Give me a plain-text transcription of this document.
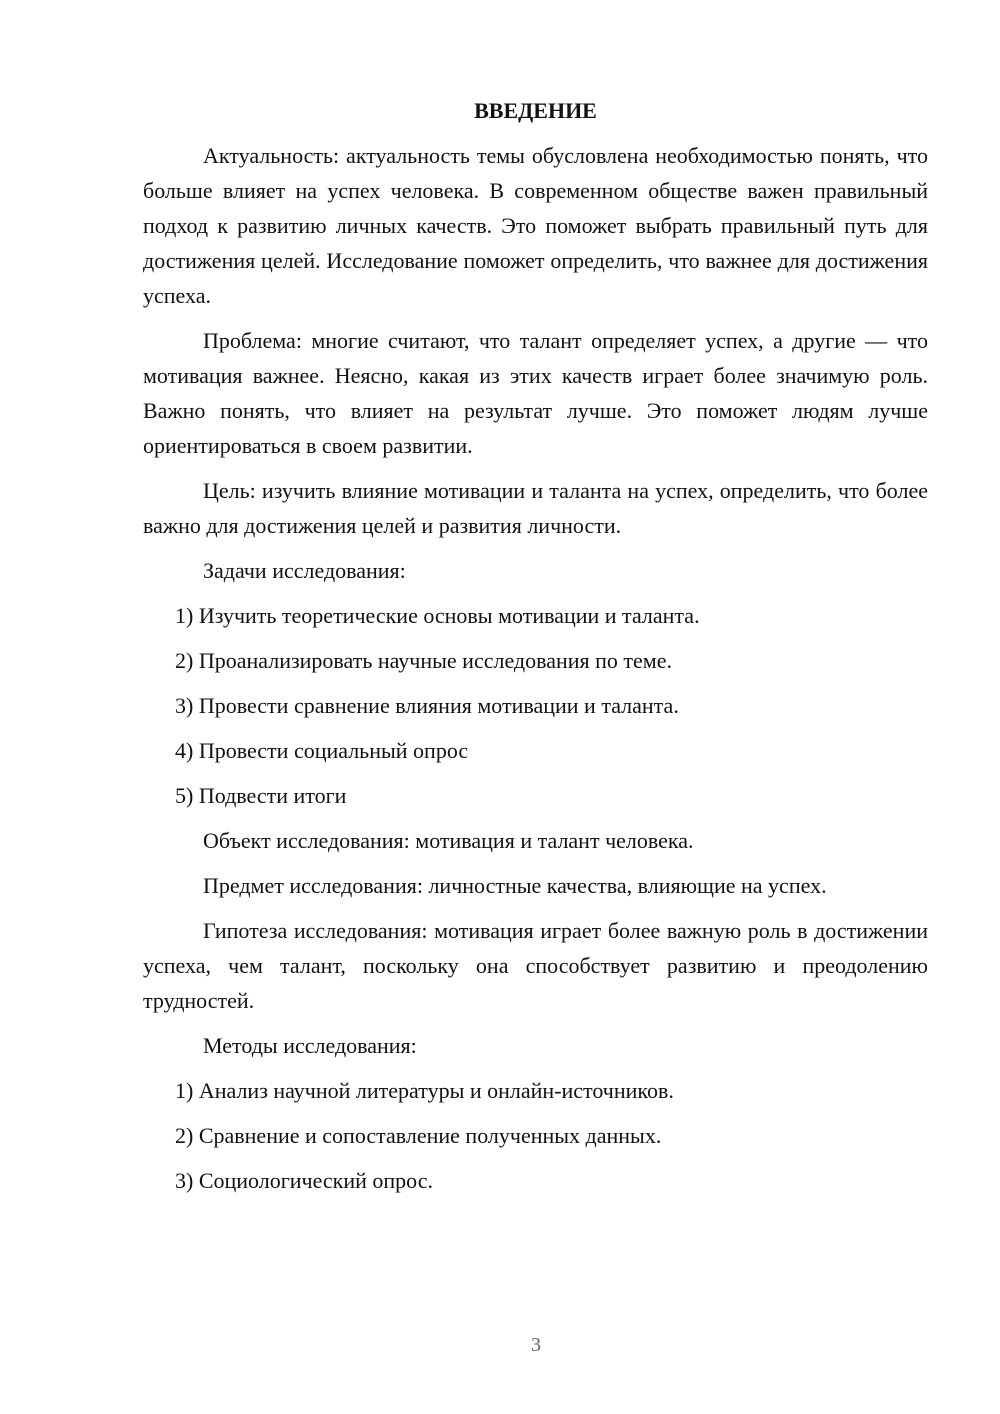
ВВЕДЕНИЕ

Актуальность: актуальность темы обусловлена необходимостью понять, что больше влияет на успех человека. В современном обществе важен правильный подход к развитию личных качеств. Это поможет выбрать правильный путь для достижения целей. Исследование поможет определить, что важнее для достижения успеха.

Проблема: многие считают, что талант определяет успех, а другие — что мотивация важнее. Неясно, какая из этих качеств играет более значимую роль. Важно понять, что влияет на результат лучше. Это поможет людям лучше ориентироваться в своем развитии.

Цель: изучить влияние мотивации и таланта на успех, определить, что более важно для достижения целей и развития личности.

Задачи исследования:

1) Изучить теоретические основы мотивации и таланта.

2) Проанализировать научные исследования по теме.

3) Провести сравнение влияния мотивации и таланта.

4) Провести социальный опрос

5) Подвести итоги

Объект исследования: мотивация и талант человека.

Предмет исследования: личностные качества, влияющие на успех.

Гипотеза исследования: мотивация играет более важную роль в достижении успеха, чем талант, поскольку она способствует развитию и преодолению трудностей.

Методы исследования:

1) Анализ научной литературы и онлайн-источников.

2) Сравнение и сопоставление полученных данных.

3) Социологический опрос.

3
